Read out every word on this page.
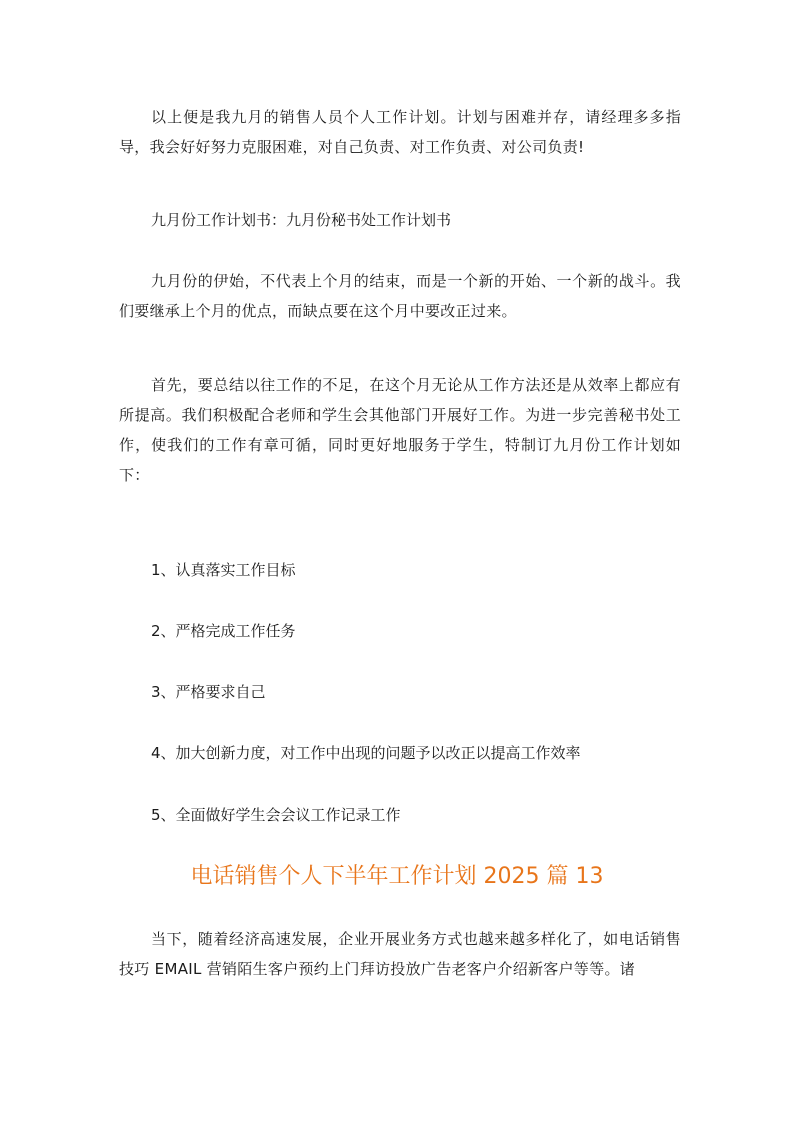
以上便是我九月的销售人员个人工作计划。计划与困难并存，请经理多多指导，我会好好努力克服困难，对自己负责、对工作负责、对公司负责!

九月份工作计划书：九月份秘书处工作计划书

九月份的伊始，不代表上个月的结束，而是一个新的开始、一个新的战斗。我们要继承上个月的优点，而缺点要在这个月中要改正过来。

首先，要总结以往工作的不足，在这个月无论从工作方法还是从效率上都应有所提高。我们积极配合老师和学生会其他部门开展好工作。为进一步完善秘书处工作，使我们的工作有章可循，同时更好地服务于学生，特制订九月份工作计划如下：

1、认真落实工作目标

2、严格完成工作任务

3、严格要求自己

4、加大创新力度，对工作中出现的问题予以改正以提高工作效率

5、全面做好学生会会议工作记录工作

电话销售个人下半年工作计划 2025 篇 13

当下，随着经济高速发展，企业开展业务方式也越来越多样化了，如电话销售技巧 EMAIL 营销陌生客户预约上门拜访投放广告老客户介绍新客户等等。诸
